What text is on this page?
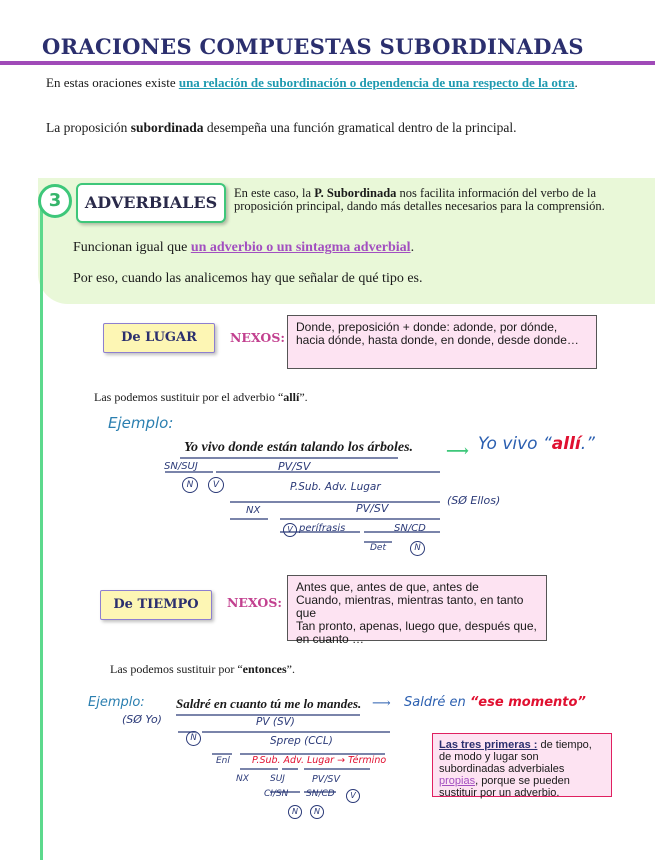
ORACIONES COMPUESTAS SUBORDINADAS
En estas oraciones existe una relación de subordinación o dependencia de una respecto de la otra.
La proposición subordinada desempeña una función gramatical dentro de la principal.
3	ADVERBIALES	En este caso, la P. Subordinada nos facilita información del verbo de la proposición principal, dando más detalles necesarios para la comprensión.
Funcionan igual que un adverbio o un sintagma adverbial.
Por eso, cuando las analicemos hay que señalar de qué tipo es.
De LUGAR	NEXOS:
Donde, preposición + donde: adonde, por dónde, hacia dónde, hasta donde, en donde, desde donde…
Las podemos sustituir por el adverbio “allí”.
Ejemplo:
Yo vivo donde están talando los árboles. ⟶ Yo vivo “allí.”
SN/SUJ	PV/SV
N	V	P.Sub. Adv. Lugar
(SØ Ellos)
NX	PV/SV
V perífrasis	SN/CD
Det	N
De TIEMPO	NEXOS:
Antes que, antes de que, antes de
Cuando, mientras, mientras tanto, en tanto que
Tan pronto, apenas, luego que, después que, en cuanto …
Las podemos sustituir por “entonces”.
Ejemplo:
(SØ Yo)
Saldré en cuanto tú me lo mandes. ⟶ Saldré en “ese momento”
PV (SV)
N	Sprep (CCL)
Enl P.Sub. Adv. Lugar → Término
NX SUJ	PV/SV
CI/SN SN/CD	V
N	N
Las tres primeras : de tiempo, de modo y lugar son subordinadas adverbiales propias, porque se pueden sustituir por un adverbio.
